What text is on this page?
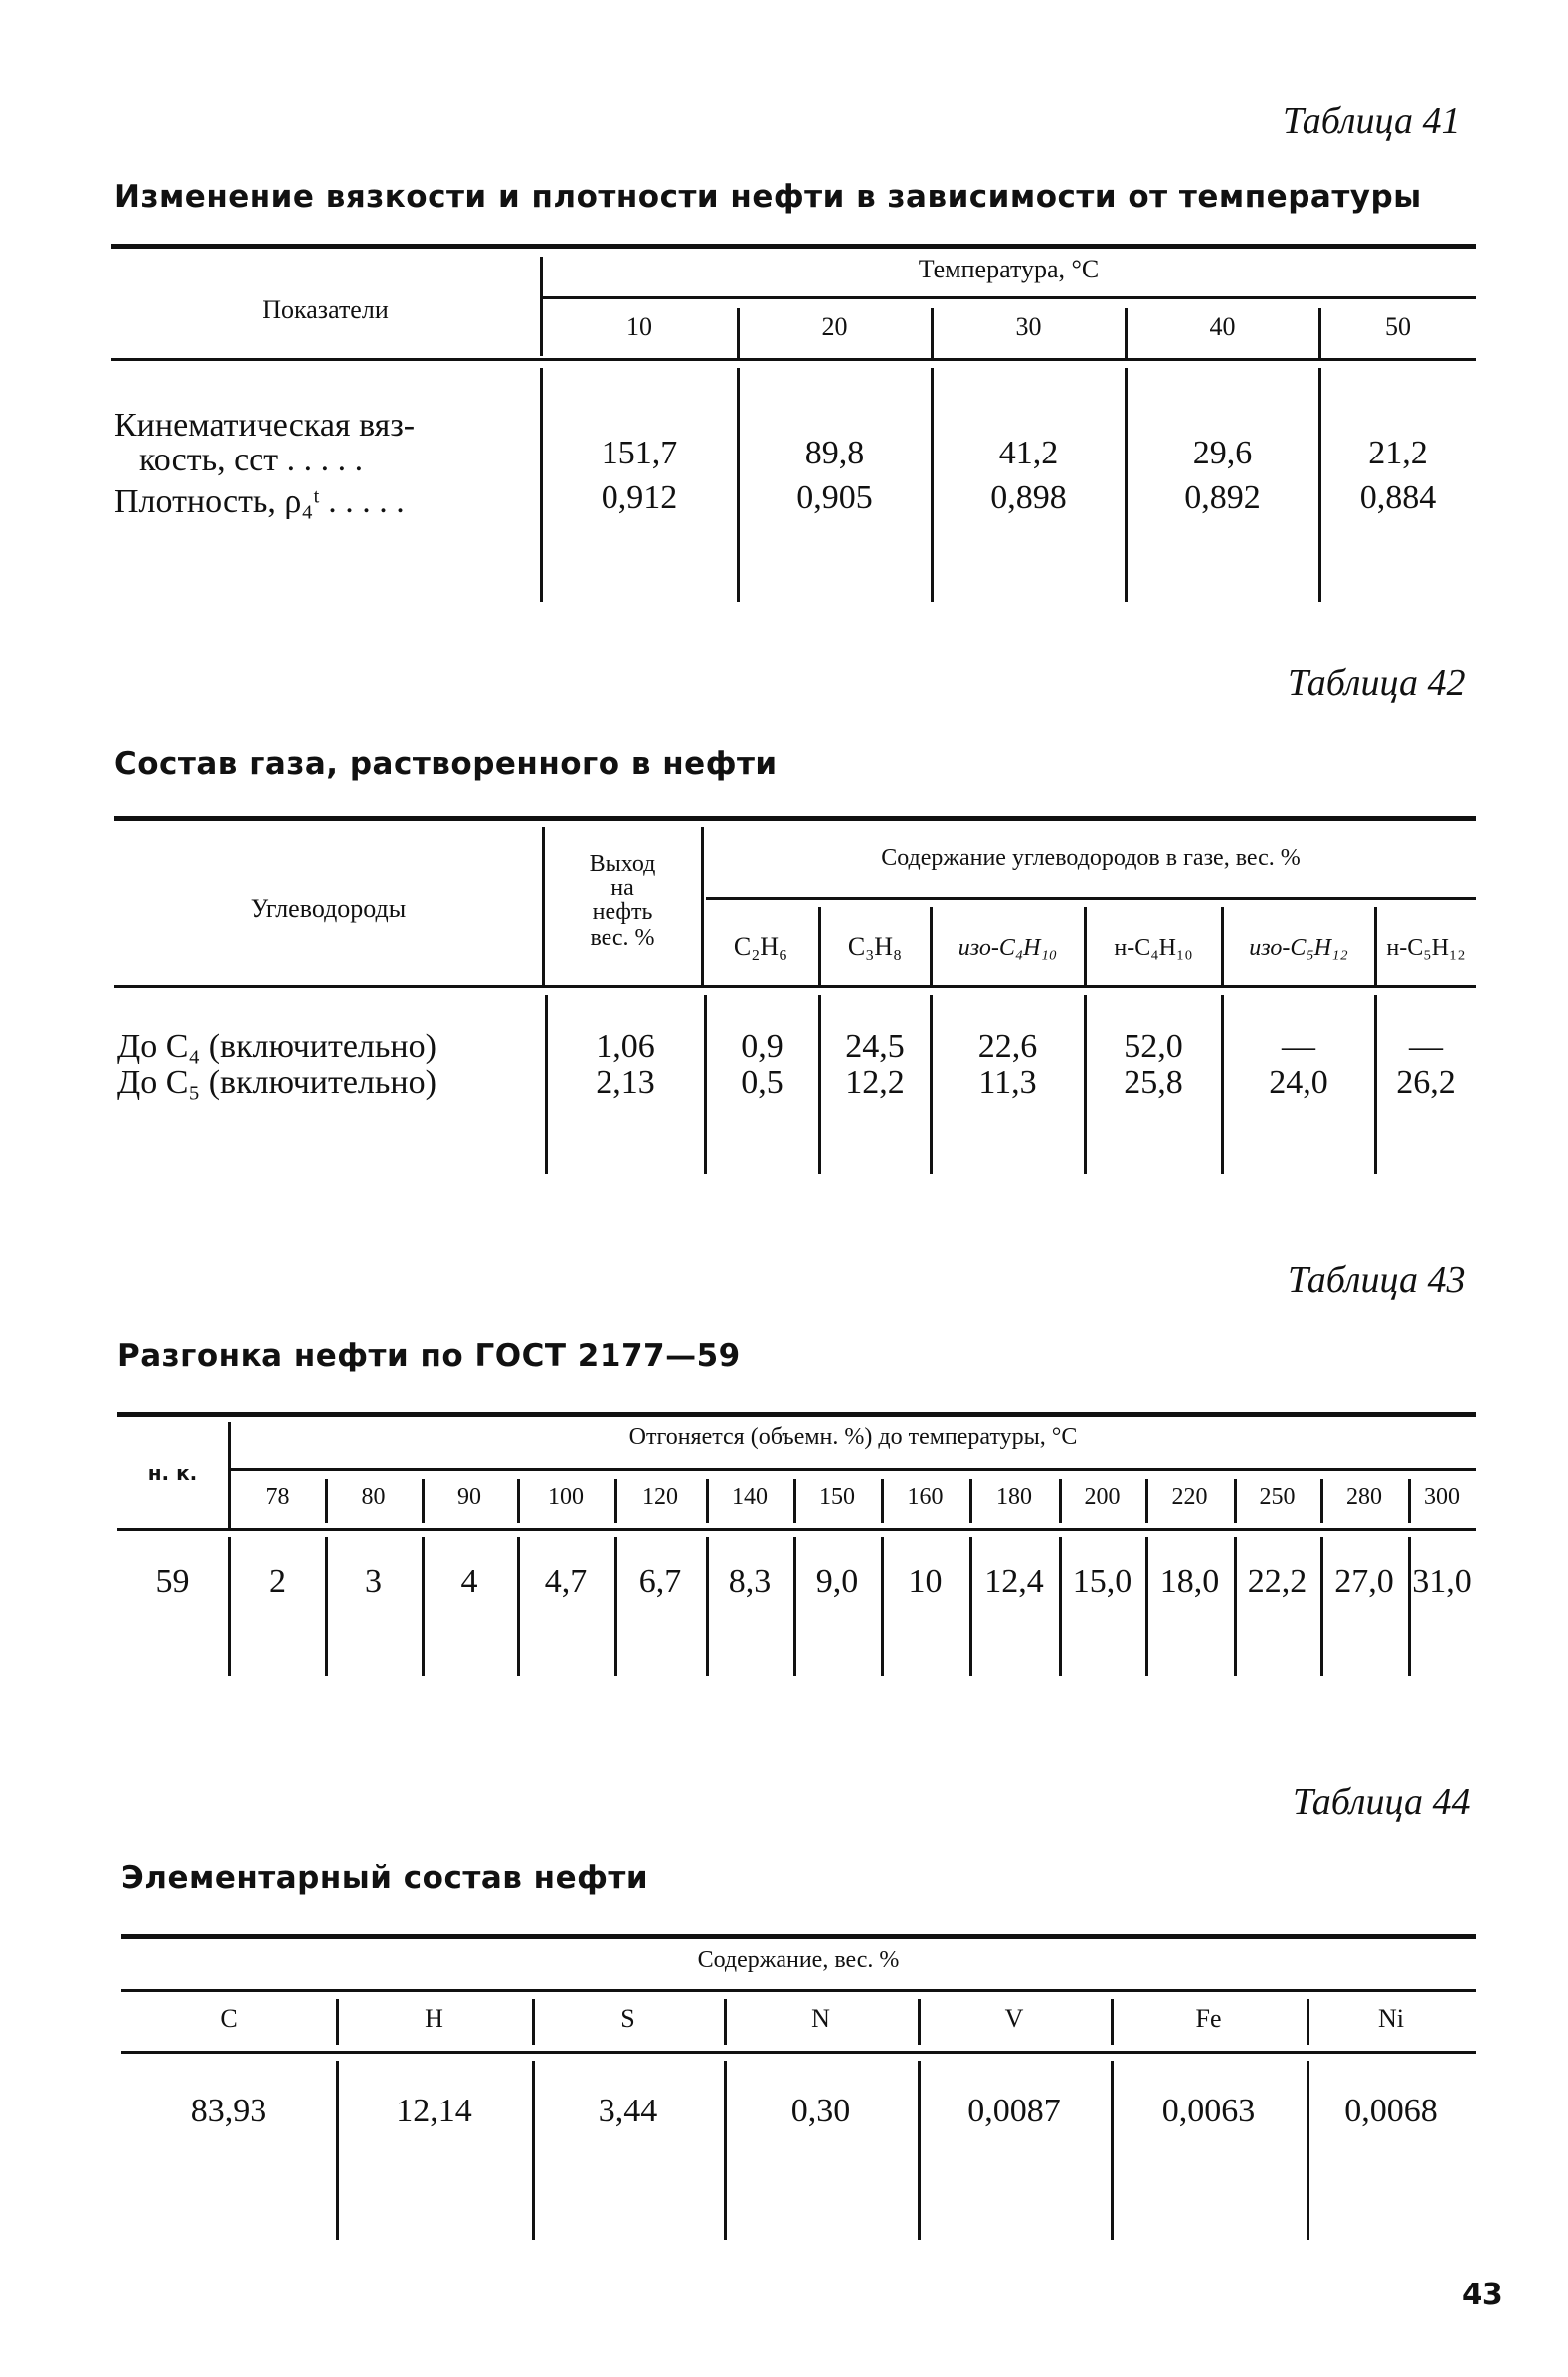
Таблица 41
Изменение вязкости и плотности нефти в зависимости от температуры
Показатели
Температура, °С
10	20	30	40	50
Кинематическая вяз-
кость, сст . . . . .
Плотность, ρ₄ᵗ . . . . .
151,7	89,8	41,2	29,6	21,2
0,912	0,905	0,898	0,892	0,884
Таблица 42
Состав газа, растворенного в нефти
Углеводороды
Выход
на
нефть
вес. %
Содержание углеводородов в газе, вес. %
C₂H₆	C₃H₈	изо-C₄H₁₀	н-C₄H₁₀	изо-C₅H₁₂	н-C₅H₁₂
До C₄ (включительно)
До C₅ (включительно)
1,06
2,13
0,9	24,5	22,6	52,0	—	—
0,5	12,2	11,3	25,8	24,0	26,2
Таблица 43
Разгонка нефти по ГОСТ 2177—59
н. к.
Отгоняется (объемн. %) до температуры, °С
78	80	90	100	120	140	150	160	180	200	220	250	280	300
59	2	3	4	4,7	6,7	8,3	9,0	10	12,4 15,0 18,0 22,2 27,0 31,0
Таблица 44
Элементарный состав нефти
Содержание, вес. %
C	H	S	N	V	Fe	Ni
83,93	12,14	3,44	0,30	0,0087	0,0063	0,0068
43
